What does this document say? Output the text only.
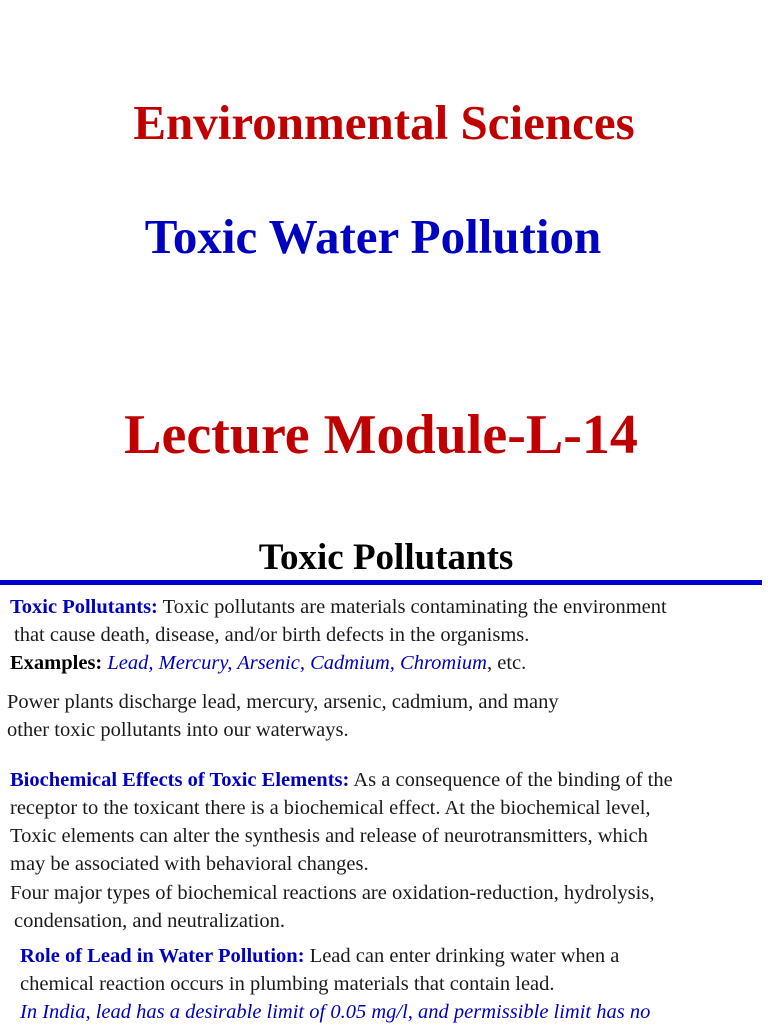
Environmental Sciences
Toxic Water Pollution
Lecture Module-L-14
Toxic Pollutants
Toxic Pollutants: Toxic pollutants are materials contaminating the environment
that cause death, disease, and/or birth defects in the organisms.
Examples: Lead, Mercury, Arsenic, Cadmium, Chromium, etc.
Power plants discharge lead, mercury, arsenic, cadmium, and many
other toxic pollutants into our waterways.
Biochemical Effects of Toxic Elements: As a consequence of the binding of the
receptor to the toxicant there is a biochemical effect. At the biochemical level,
Toxic elements can alter the synthesis and release of neurotransmitters, which
may be associated with behavioral changes.
Four major types of biochemical reactions are oxidation-reduction, hydrolysis,
condensation, and neutralization.
Role of Lead in Water Pollution: Lead can enter drinking water when a
chemical reaction occurs in plumbing materials that contain lead.
In India, lead has a desirable limit of 0.05 mg/l, and permissible limit has no
